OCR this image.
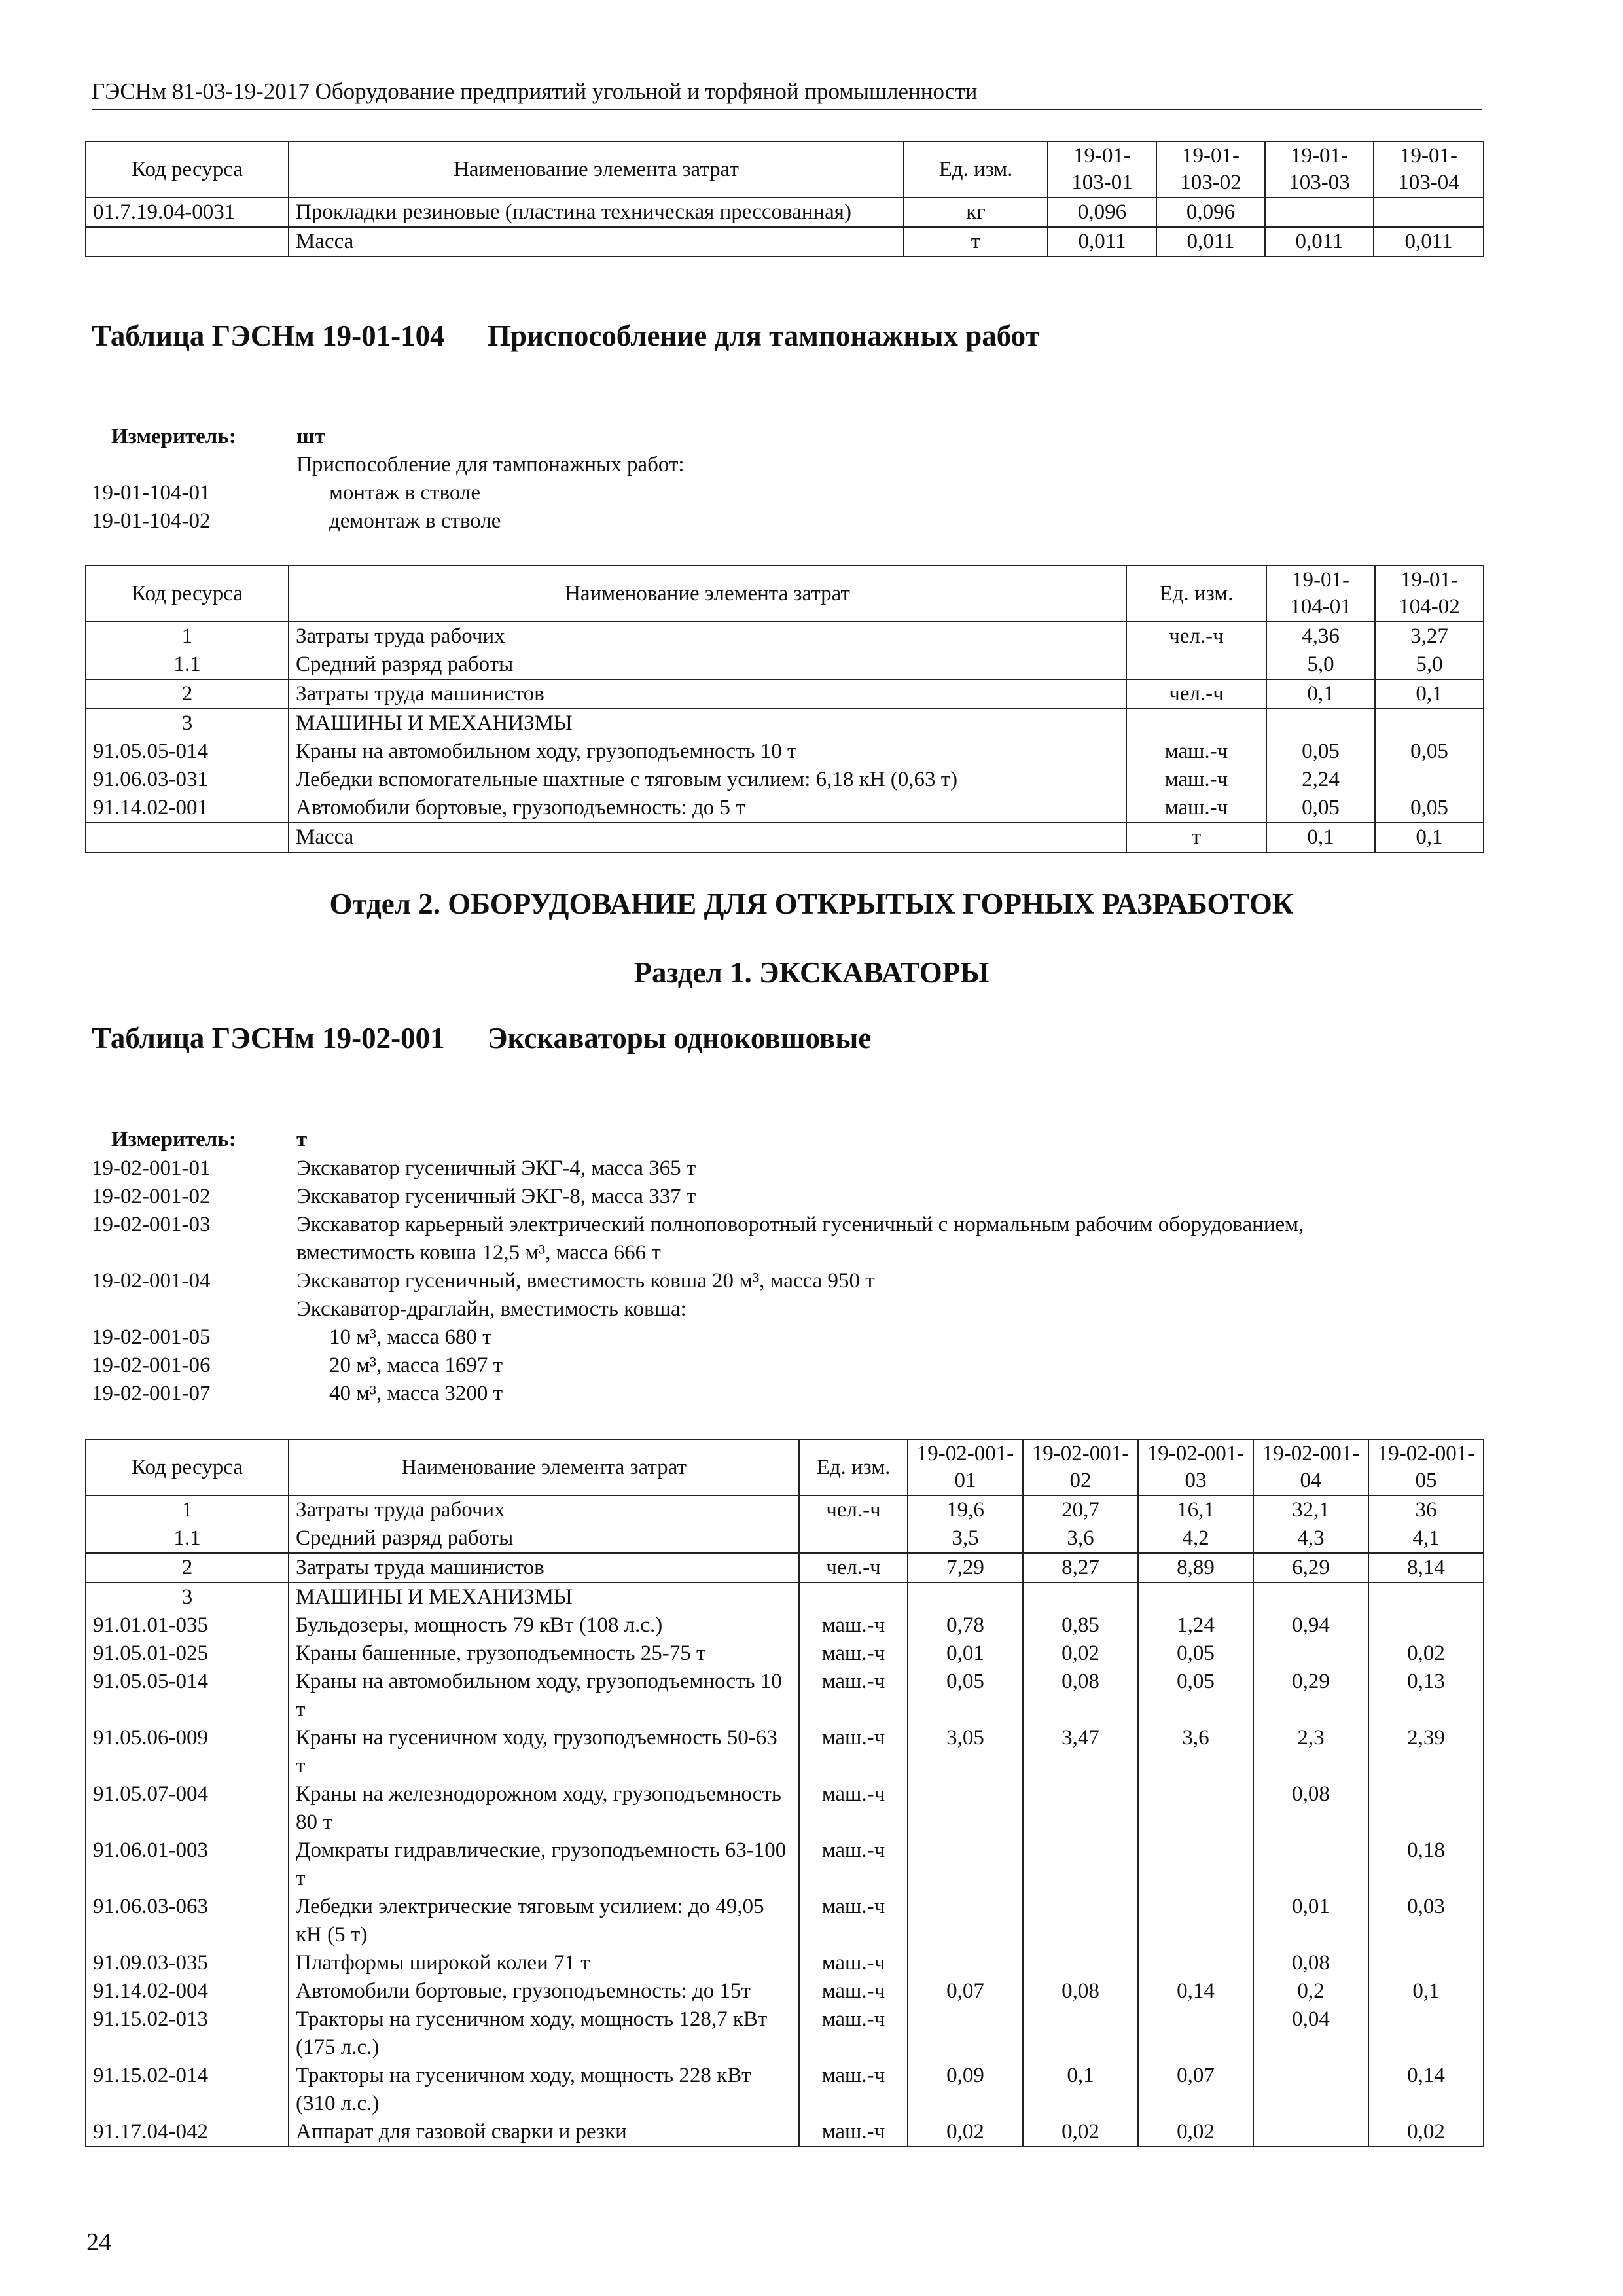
ГЭСНм 81-03-19-2017 Оборудование предприятий угольной и торфяной промышленности
Код ресурса	Наименование элемента затрат	Ед. изм.	19-01-103-01	19-01-103-02	19-01-103-03	19-01-103-04
01.7.19.04-0031	Прокладки резиновые (пластина техническая прессованная)	кг	0,096	0,096		
	Масса	т	0,011	0,011	0,011	0,011
Таблица ГЭСНм 19-01-104	Приспособление для тампонажных работ
Измеритель:	шт
Приспособление для тампонажных работ:
19-01-104-01	монтаж в стволе
19-01-104-02	демонтаж в стволе
Код ресурса	Наименование элемента затрат	Ед. изм.	19-01-104-01	19-01-104-02
1	Затраты труда рабочих	чел.-ч	4,36	3,27
1.1	Средний разряд работы		5,0	5,0
2	Затраты труда машинистов	чел.-ч	0,1	0,1
3	МАШИНЫ И МЕХАНИЗМЫ			
91.05.05-014	Краны на автомобильном ходу, грузоподъемность 10 т	маш.-ч	0,05	0,05
91.06.03-031	Лебедки вспомогательные шахтные с тяговым усилием: 6,18 кН (0,63 т)	маш.-ч	2,24	
91.14.02-001	Автомобили бортовые, грузоподъемность: до 5 т	маш.-ч	0,05	0,05
	Масса	т	0,1	0,1
Отдел 2. ОБОРУДОВАНИЕ ДЛЯ ОТКРЫТЫХ ГОРНЫХ РАЗРАБОТОК
Раздел 1. ЭКСКАВАТОРЫ
Таблица ГЭСНм 19-02-001	Экскаваторы одноковшовые
Измеритель:	т
19-02-001-01	Экскаватор гусеничный ЭКГ-4, масса 365 т
19-02-001-02	Экскаватор гусеничный ЭКГ-8, масса 337 т
19-02-001-03	Экскаватор карьерный электрический полноповоротный гусеничный с нормальным рабочим оборудованием,
вместимость ковша 12,5 м³, масса 666 т
19-02-001-04	Экскаватор гусеничный, вместимость ковша 20 м³, масса 950 т
Экскаватор-драглайн, вместимость ковша:
19-02-001-05	10 м³, масса 680 т
19-02-001-06	20 м³, масса 1697 т
19-02-001-07	40 м³, масса 3200 т
Код ресурса	Наименование элемента затрат	Ед. изм.	19-02-001-01	19-02-001-02	19-02-001-03	19-02-001-04	19-02-001-05
1	Затраты труда рабочих	чел.-ч	19,6	20,7	16,1	32,1	36
1.1	Средний разряд работы		3,5	3,6	4,2	4,3	4,1
2	Затраты труда машинистов	чел.-ч	7,29	8,27	8,89	6,29	8,14
3	МАШИНЫ И МЕХАНИЗМЫ						
91.01.01-035	Бульдозеры, мощность 79 кВт (108 л.с.)	маш.-ч	0,78	0,85	1,24	0,94	
91.05.01-025	Краны башенные, грузоподъемность 25-75 т	маш.-ч	0,01	0,02	0,05		0,02
91.05.05-014	Краны на автомобильном ходу, грузоподъемность 10 т	маш.-ч	0,05	0,08	0,05	0,29	0,13
91.05.06-009	Краны на гусеничном ходу, грузоподъемность 50-63 т	маш.-ч	3,05	3,47	3,6	2,3	2,39
91.05.07-004	Краны на железнодорожном ходу, грузоподъемность 80 т	маш.-ч				0,08	
91.06.01-003	Домкраты гидравлические, грузоподъемность 63-100 т	маш.-ч					0,18
91.06.03-063	Лебедки электрические тяговым усилием: до 49,05 кН (5 т)	маш.-ч				0,01	0,03
91.09.03-035	Платформы широкой колеи 71 т	маш.-ч				0,08	
91.14.02-004	Автомобили бортовые, грузоподъемность: до 15т	маш.-ч	0,07	0,08	0,14	0,2	0,1
91.15.02-013	Тракторы на гусеничном ходу, мощность 128,7 кВт (175 л.с.)	маш.-ч				0,04	
91.15.02-014	Тракторы на гусеничном ходу, мощность 228 кВт (310 л.с.)	маш.-ч	0,09	0,1	0,07		0,14
91.17.04-042	Аппарат для газовой сварки и резки	маш.-ч	0,02	0,02	0,02		0,02
24
